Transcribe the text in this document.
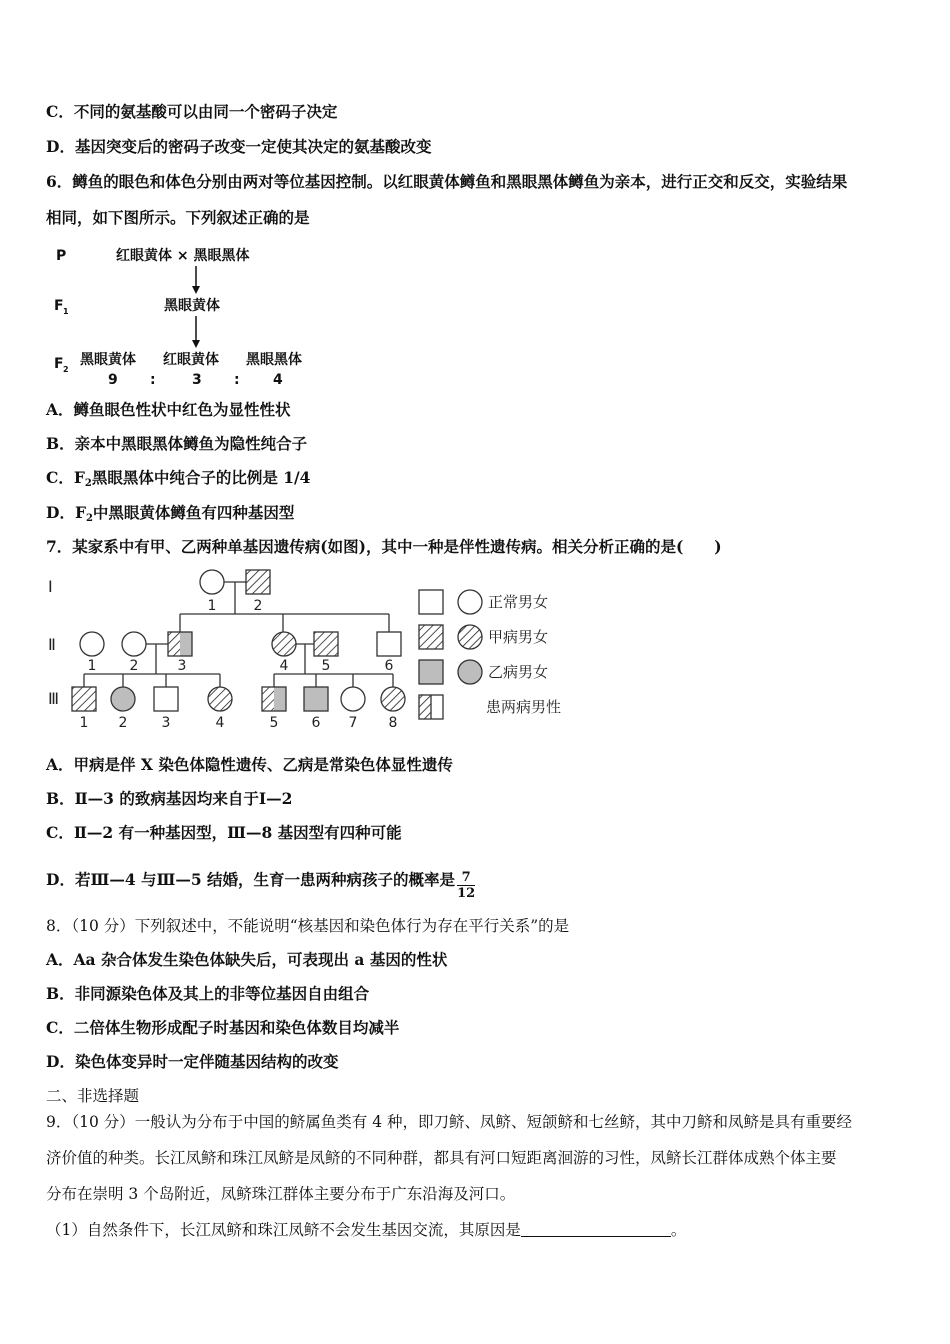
C．不同的氨基酸可以由同一个密码子决定
D．基因突变后的密码子改变一定使其决定的氨基酸改变
6．鳟鱼的眼色和体色分别由两对等位基因控制。以红眼黄体鳟鱼和黑眼黑体鳟鱼为亲本，进行正交和反交，实验结果
相同，如下图所示。下列叙述正确的是
P	红眼黄体 × 黑眼黑体
F 1	黑眼黄体
F 2
黑眼黄体 红眼黄体 黑眼黑体
9 :	3 : 4
A．鳟鱼眼色性状中红色为显性性状
B．亲本中黑眼黑体鳟鱼为隐性纯合子
C．$F_2$黑眼黑体中纯合子的比例是 1/4
D．$F_2$中黑眼黄体鳟鱼有四种基因型
7．某家系中有甲、乙两种单基因遗传病(如图)，其中一种是伴性遗传病。相关分析正确的是(　　)
Ⅰ
Ⅱ
Ⅲ
1	2
1 2	3	4 5	6
1 2 3	4	5 6 7 8
正常男女
甲病男女
乙病男女
患两病男性
A．甲病是伴 X 染色体隐性遗传、乙病是常染色体显性遗传
B．Ⅱ—3 的致病基因均来自于Ⅰ—2
C．Ⅱ—2 有一种基因型，Ⅲ—8 基因型有四种可能
D．若Ⅲ—4 与Ⅲ—5 结婚，生育一患两种病孩子的概率是 $\frac{7}{12}$
8．（10 分）下列叙述中，不能说明“核基因和染色体行为存在平行关系”的是
A．Aa 杂合体发生染色体缺失后，可表现出 a 基因的性状
B．非同源染色体及其上的非等位基因自由组合
C．二倍体生物形成配子时基因和染色体数目均减半
D．染色体变异时一定伴随基因结构的改变
二、非选择题
9．（10 分）一般认为分布于中国的鲚属鱼类有 4 种，即刀鲚、凤鲚、短颌鲚和七丝鲚，其中刀鲚和凤鲚是具有重要经
济价值的种类。长江凤鲚和珠江凤鲚是凤鲚的不同种群，都具有河口短距离洄游的习性，凤鲚长江群体成熟个体主要
分布在崇明 3 个岛附近，凤鲚珠江群体主要分布于广东沿海及河口。
（1）自然条件下，长江凤鲚和珠江凤鲚不会发生基因交流，其原因是	。
